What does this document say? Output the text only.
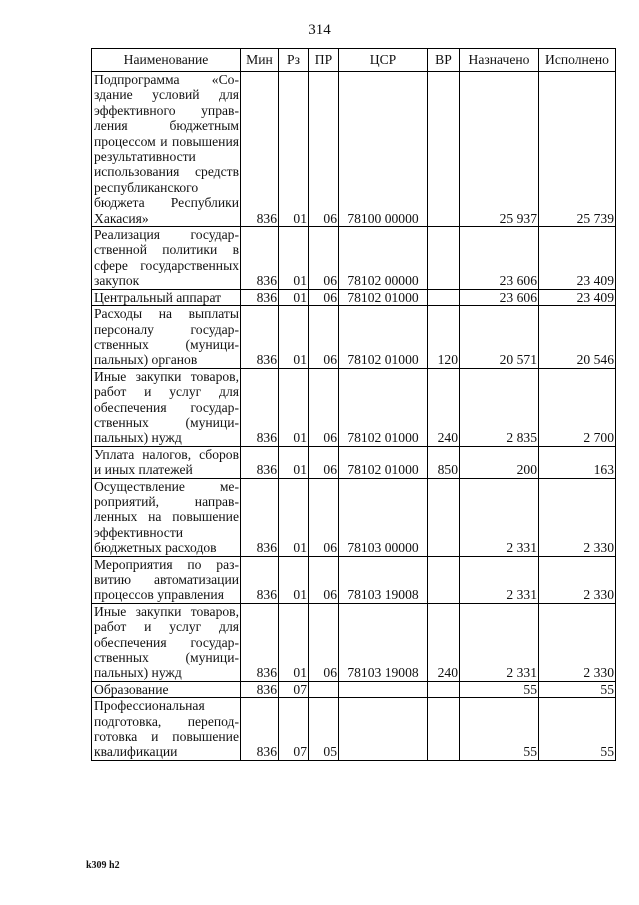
314
Наименование	Мин	Рз	ПР	ЦСР	ВР	Назначено	Исполнено
Подпрограмма «Создание условий для эффективного управления бюджетным процессом и повышения результативности использования средств республиканского бюджета Республики Хакасия»	836	01	06	78100 00000		25 937	25 739
Реализация государственной политики в сфере государственных закупок	836	01	06	78102 00000		23 606	23 409
Центральный аппарат	836	01	06	78102 01000		23 606	23 409
Расходы на выплаты персоналу государственных (муниципальных) органов	836	01	06	78102 01000	120	20 571	20 546
Иные закупки товаров, работ и услуг для обеспечения государственных (муниципальных) нужд	836	01	06	78102 01000	240	2 835	2 700
Уплата налогов, сборов и иных платежей	836	01	06	78102 01000	850	200	163
Осуществление мероприятий, направленных на повышение эффективности бюджетных расходов	836	01	06	78103 00000		2 331	2 330
Мероприятия по развитию автоматизации процессов управления	836	01	06	78103 19008		2 331	2 330
Иные закупки товаров, работ и услуг для обеспечения государственных (муниципальных) нужд	836	01	06	78103 19008	240	2 331	2 330
Образование	836	07				55	55
Профессиональная подготовка, переподготовка и повышение квалификации	836	07	05			55	55
k309 h2
